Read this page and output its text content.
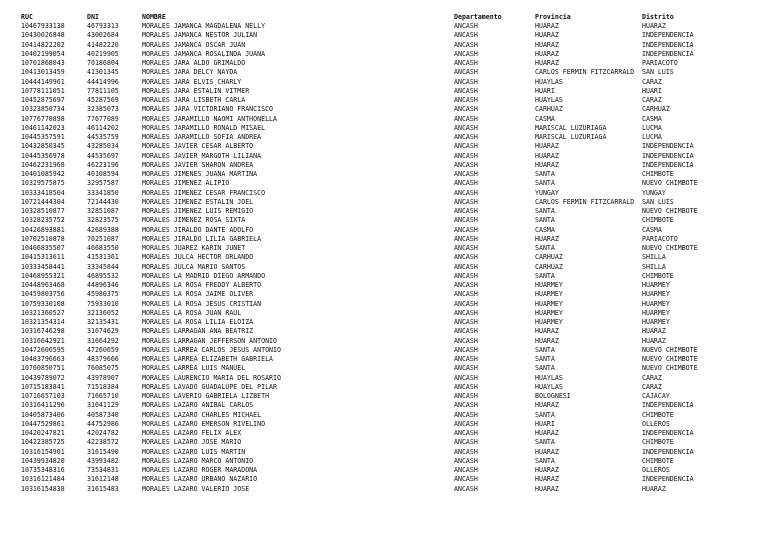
RUC	DNI	NOMBRE	Departamento	Provincia	Distrito
10467933138	46793313	MORALES JAMANCA MAGDALENA NELLY	ANCASH	HUARAZ	HUARAZ
10430026848	43002684	MORALES JAMANCA NESTOR JULIAN	ANCASH	HUARAZ	INDEPENDENCIA
10414822202	41482220	MORALES JAMANCA OSCAR JUAN	ANCASH	HUARAZ	INDEPENDENCIA
10402199054	40219905	MORALES JAMANCA ROSALINDA JUANA	ANCASH	HUARAZ	INDEPENDENCIA
10701868043	70186804	MORALES JARA ALDO GRIMALDO	ANCASH	HUARAZ	PARIACOTO
10413013459	41301345	MORALES JARA DELCY NAYDA	ANCASH	CARLOS FERMIN FITZCARRALD	SAN LUIS
10444149961	44414996	MORALES JARA ELVIS CHARLY	ANCASH	HUAYLAS	CARAZ
10778111051	77811105	MORALES JARA ESTALIN VITMER	ANCASH	HUARI	HUARI
10452875697	45287569	MORALES JARA LISBETH CARLA	ANCASH	HUAYLAS	CARAZ
10323850734	32385073	MORALES JARA VICTORIANO FRANCISCO	ANCASH	CARHUAZ	CARHUAZ
10776770898	77677089	MORALES JARAMILLO NAOMI ANTHONELLA	ANCASH	CASMA	CASMA
10461142023	46114202	MORALES JARAMILLO RONALD MISAEL	ANCASH	MARISCAL LUZURIAGA	LUCMA
10445357591	44535759	MORALES JARAMILLO SOFIA ANDREA	ANCASH	MARISCAL LUZURIAGA	LUCMA
10432850345	43285034	MORALES JAVIER CESAR ALBERTO	ANCASH	HUARAZ	INDEPENDENCIA
10445356978	44535697	MORALES JAVIER MARGOTH LILIANA	ANCASH	HUARAZ	INDEPENDENCIA
10462231968	46223196	MORALES JAVIER SHARON ANDREA	ANCASH	HUARAZ	INDEPENDENCIA
10401085942	40108594	MORALES JIMENES JUANA MARTINA	ANCASH	SANTA	CHIMBOTE
10329575875	32957587	MORALES JIMENEZ ALIPIO	ANCASH	SANTA	NUEVO CHIMBOTE
10333418504	33341850	MORALES JIMENEZ CESAR FRANCISCO	ANCASH	YUNGAY	YUNGAY
10721444304	72144430	MORALES JIMENEZ ESTALIN JOEL	ANCASH	CARLOS FERMIN FITZCARRALD	SAN LUIS
10328510877	32851087	MORALES JIMENEZ LUIS REMIGIO	ANCASH	SANTA	NUEVO CHIMBOTE
10328235752	32823575	MORALES JIMENEZ ROSA SIXTA	ANCASH	SANTA	CHIMBOTE
10426893881	42689388	MORALES JIRALDO DANTE ADOLFO	ANCASH	CASMA	CASMA
10702510878	70251087	MORALES JIRALDO LILIA GABRIELA	ANCASH	HUARAZ	PARIACOTO
10466835507	46683550	MORALES JUAREZ KARIN JUNET	ANCASH	SANTA	NUEVO CHIMBOTE
10415313611	41531361	MORALES JULCA HECTOR ORLANDO	ANCASH	CARHUAZ	SHILLA
10333458441	33345844	MORALES JULCA MARIO SANTOS	ANCASH	CARHUAZ	SHILLA
10468955321	46895532	MORALES LA MADRID DIEGO ARMANDO	ANCASH	SANTA	CHIMBOTE
10448963468	44896346	MORALES LA ROSA FREDDY ALBERTO	ANCASH	HUARMEY	HUARMEY
10459803756	45980375	MORALES LA ROSA JAIME OLIVER	ANCASH	HUARMEY	HUARMEY
10759330108	75933010	MORALES LA ROSA JESUS CRISTIAN	ANCASH	HUARMEY	HUARMEY
10321360527	32136052	MORALES LA ROSA JUAN RAUL	ANCASH	HUARMEY	HUARMEY
10321354314	32135431	MORALES LA ROSA LILIA ELOIZA	ANCASH	HUARMEY	HUARMEY
10316746298	31674629	MORALES LARRAGAN ANA BEATRIZ	ANCASH	HUARAZ	HUARAZ
10316642921	31664292	MORALES LARRAGAN JEFFERSON ANTONIO	ANCASH	HUARAZ	HUARAZ
10472606595	47260659	MORALES LARREA CARLOS JESUS ANTONIO	ANCASH	SANTA	NUEVO CHIMBOTE
10483796663	48379666	MORALES LARREA ELIZABETH GABRIELA	ANCASH	SANTA	NUEVO CHIMBOTE
10760850751	76085075	MORALES LARREA LUIS MANUEL	ANCASH	SANTA	NUEVO CHIMBOTE
10439789072	43978907	MORALES LAURENCIO MARIA DEL ROSARIO	ANCASH	HUAYLAS	CARAZ
10715183841	71518384	MORALES LAVADO GUADALUPE DEL PILAR	ANCASH	HUAYLAS	CARAZ
10716657103	71665710	MORALES LAVERIO GABRIELA LIZBETH	ANCASH	BOLOGNESI	CAJACAY
10316411296	31641129	MORALES LAZARO ANIBAL CARLOS	ANCASH	HUARAZ	INDEPENDENCIA
10405873406	40587340	MORALES LAZARO CHARLES MICHAEL	ANCASH	SANTA	CHIMBOTE
10447529861	44752986	MORALES LAZARO EMERSON RIVELINO	ANCASH	HUARI	OLLEROS
10420247821	42024782	MORALES LAZARO FELIX ALEX	ANCASH	HUARAZ	INDEPENDENCIA
10422385725	42238572	MORALES LAZARO JOSE MARIO	ANCASH	SANTA	CHIMBOTE
10316154901	31615490	MORALES LAZARO LUIS MARTIN	ANCASH	HUARAZ	INDEPENDENCIA
10439934820	43993482	MORALES LAZARO MARCO ANTONIO	ANCASH	SANTA	CHIMBOTE
10735348316	73534831	MORALES LAZARO ROGER MARADONA	ANCASH	HUARAZ	OLLEROS
10316121484	31612148	MORALES LAZARO URBANO NAZARIO	ANCASH	HUARAZ	INDEPENDENCIA
10316154838	31615483	MORALES LAZARO VALERIO JOSE	ANCASH	HUARAZ	HUARAZ
